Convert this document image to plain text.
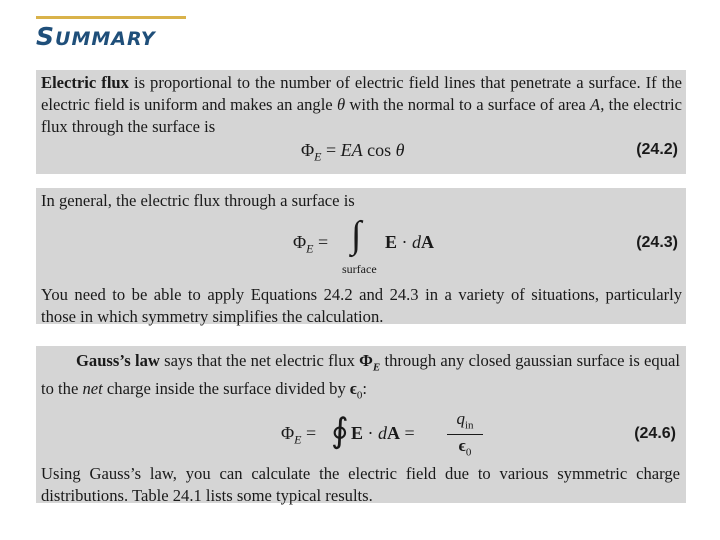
SUMMARY

Electric flux is proportional to the number of electric field lines that penetrate a surface. If the electric field is uniform and makes an angle θ with the normal to a surface of area A, the electric flux through the surface is

$\Phi_E$ = EA cos θ	(24.2)

In general, the electric flux through a surface is

$\Phi_E$ = ∫
surface
E · dA	(24.3)

You need to be able to apply Equations 24.2 and 24.3 in a variety of situations, particularly those in which symmetry simplifies the calculation.

Gauss’s law says that the net electric flux $\Phi_E$ through any closed gaussian surface is equal to the net charge inside the surface divided by $\epsilon_0$:

$\Phi_E$ = ∮ E · dA =
$q_{in}$
$\epsilon_0$
(24.6)

Using Gauss’s law, you can calculate the electric field due to various symmetric charge distributions. Table 24.1 lists some typical results.
